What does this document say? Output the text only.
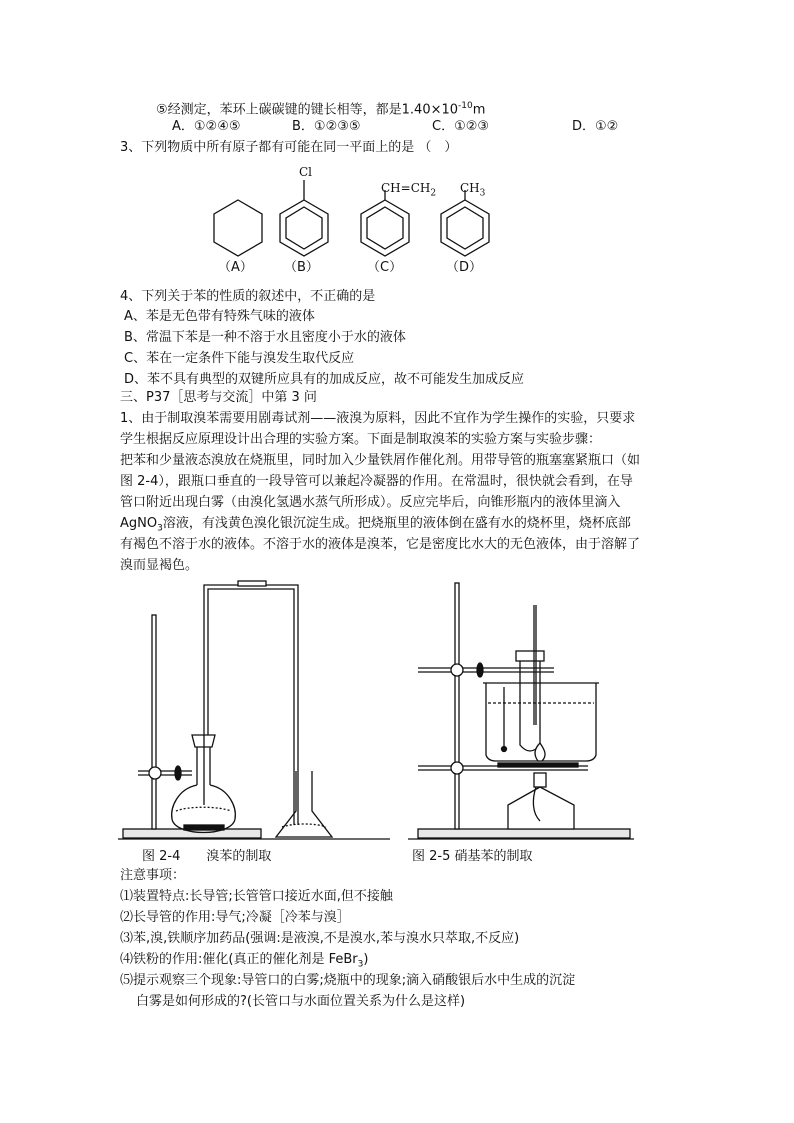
⑤经测定，苯环上碳碳键的键长相等，都是$1.40\times 10^{-10}m$
A．①②④⑤	B．①②③⑤	C．①②③	D．①②
3、下列物质中所有原子都有可能在同一平面上的是 （　）
Cl
$CH=CH_2$ $CH_3$
（A） （B）	（C）	（D）
4、下列关于苯的性质的叙述中，不正确的是
A、苯是无色带有特殊气味的液体
B、常温下苯是一种不溶于水且密度小于水的液体
C、苯在一定条件下能与溴发生取代反应
D、苯不具有典型的双键所应具有的加成反应，故不可能发生加成反应
三、P37［思考与交流］中第 3 问
1、由于制取溴苯需要用剧毒试剂——液溴为原料，因此不宜作为学生操作的实验，只要求
学生根据反应原理设计出合理的实验方案。下面是制取溴苯的实验方案与实验步骤：
把苯和少量液态溴放在烧瓶里，同时加入少量铁屑作催化剂。用带导管的瓶塞塞紧瓶口（如
图 2-4），跟瓶口垂直的一段导管可以兼起冷凝器的作用。在常温时，很快就会看到，在导
管口附近出现白雾（由溴化氢遇水蒸气所形成）。反应完毕后，向锥形瓶内的液体里滴入
AgNO$_3$溶液，有浅黄色溴化银沉淀生成。把烧瓶里的液体倒在盛有水的烧杯里，烧杯底部
有褐色不溶于水的液体。不溶于水的液体是溴苯，它是密度比水大的无色液体，由于溶解了
溴而显褐色。
图 2-4　　溴苯的制取	图 2-5 硝基苯的制取
注意事项：
⑴装置特点:长导管;长管管口接近水面,但不接触
⑵长导管的作用:导气;冷凝［冷苯与溴］
⑶苯,溴,铁顺序加药品(强调:是液溴,不是溴水,苯与溴水只萃取,不反应)
⑷铁粉的作用:催化(真正的催化剂是 FeBr$_3$)
⑸提示观察三个现象:导管口的白雾;烧瓶中的现象;滴入硝酸银后水中生成的沉淀
白雾是如何形成的?(长管口与水面位置关系为什么是这样)
